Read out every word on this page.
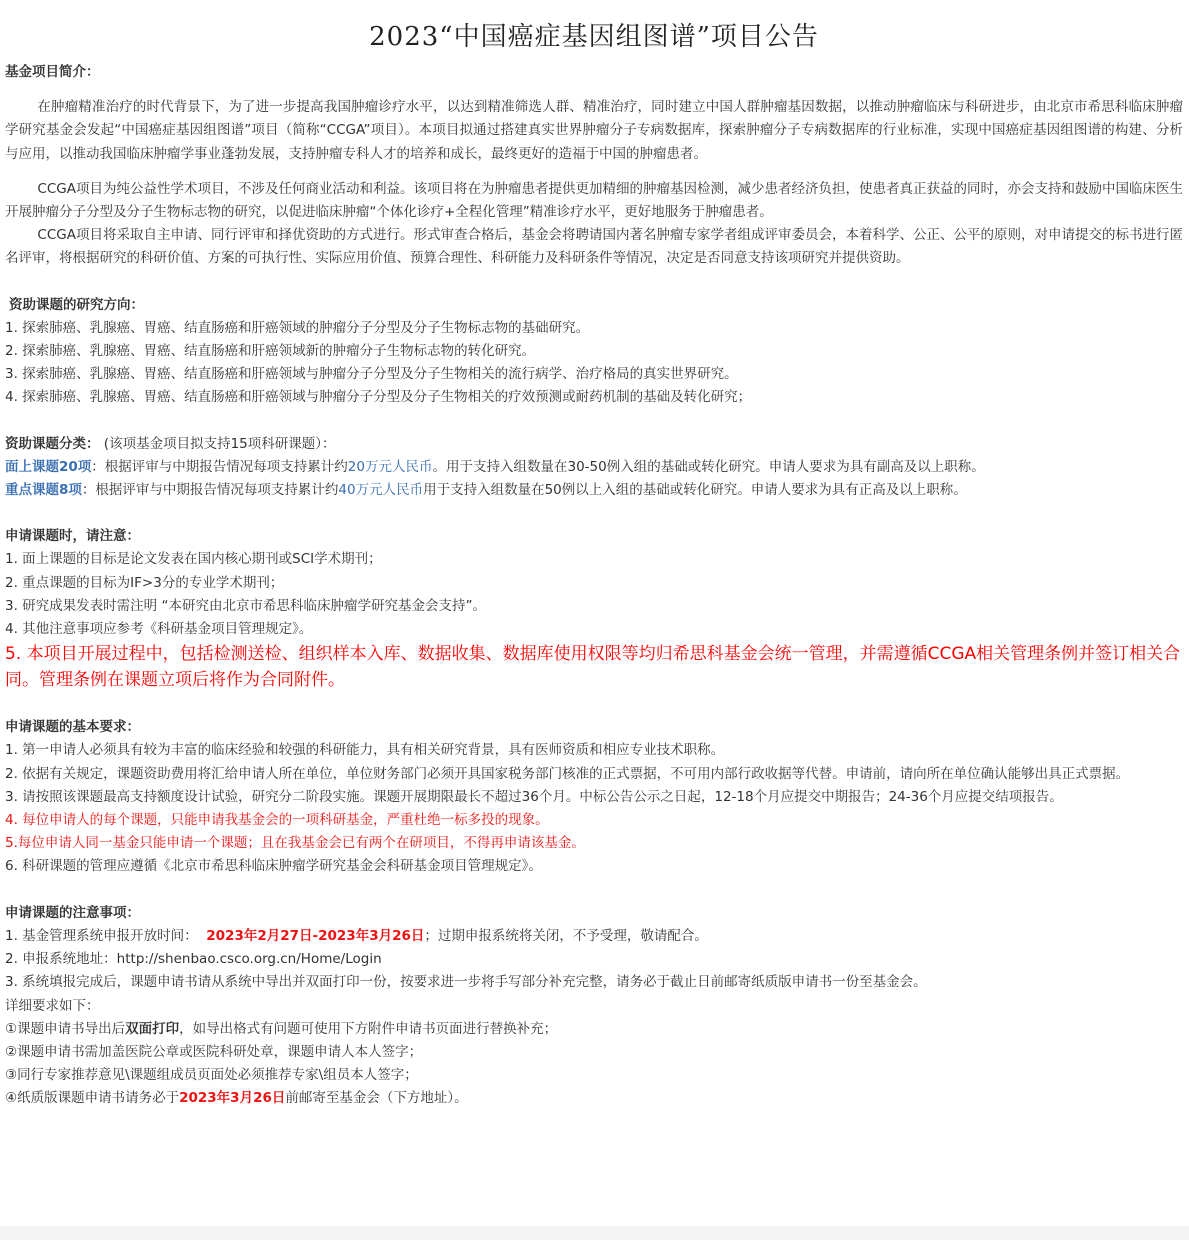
2023“中国癌症基因组图谱”项目公告

基金项目简介：

在肿瘤精准治疗的时代背景下，为了进一步提高我国肿瘤诊疗水平，以达到精准筛选人群、精准治疗，同时建立中国人群肿瘤基因数据，以推动肿瘤临床与科研进步，由北京市希思科临床肿瘤学研究基金会发起“中国癌症基因组图谱”项目（简称“CCGA”项目）。本项目拟通过搭建真实世界肿瘤分子专病数据库，探索肿瘤分子专病数据库的行业标准，实现中国癌症基因组图谱的构建、分析与应用，以推动我国临床肿瘤学事业蓬勃发展，支持肿瘤专科人才的培养和成长，最终更好的造福于中国的肿瘤患者。

CCGA项目为纯公益性学术项目，不涉及任何商业活动和利益。该项目将在为肿瘤患者提供更加精细的肿瘤基因检测，减少患者经济负担，使患者真正获益的同时，亦会支持和鼓励中国临床医生开展肿瘤分子分型及分子生物标志物的研究，以促进临床肿瘤“个体化诊疗+全程化管理”精准诊疗水平，更好地服务于肿瘤患者。

CCGA项目将采取自主申请、同行评审和择优资助的方式进行。形式审查合格后，基金会将聘请国内著名肿瘤专家学者组成评审委员会，本着科学、公正、公平的原则，对申请提交的标书进行匿名评审，将根据研究的科研价值、方案的可执行性、实际应用价值、预算合理性、科研能力及科研条件等情况，决定是否同意支持该项研究并提供资助。

资助课题的研究方向：

1. 探索肺癌、乳腺癌、胃癌、结直肠癌和肝癌领域的肿瘤分子分型及分子生物标志物的基础研究。

2. 探索肺癌、乳腺癌、胃癌、结直肠癌和肝癌领域新的肿瘤分子生物标志物的转化研究。

3. 探索肺癌、乳腺癌、胃癌、结直肠癌和肝癌领域与肿瘤分子分型及分子生物相关的流行病学、治疗格局的真实世界研究。

4. 探索肺癌、乳腺癌、胃癌、结直肠癌和肝癌领域与肿瘤分子分型及分子生物相关的疗效预测或耐药机制的基础及转化研究；

资助课题分类： (该项基金项目拟支持15项科研课题）：

面上课题20项：根据评审与中期报告情况每项支持累计约20万元人民币。用于支持入组数量在30-50例入组的基础或转化研究。申请人要求为具有副高及以上职称。

重点课题8项：根据评审与中期报告情况每项支持累计约40万元人民币用于支持入组数量在50例以上入组的基础或转化研究。申请人要求为具有正高及以上职称。

申请课题时，请注意：

1. 面上课题的目标是论文发表在国内核心期刊或SCI学术期刊；

2. 重点课题的目标为IF>3分的专业学术期刊；

3. 研究成果发表时需注明 “本研究由北京市希思科临床肿瘤学研究基金会支持”。

4. 其他注意事项应参考《科研基金项目管理规定》。

5. 本项目开展过程中，包括检测送检、组织样本入库、数据收集、数据库使用权限等均归希思科基金会统一管理，并需遵循CCGA相关管理条例并签订相关合同。管理条例在课题立项后将作为合同附件。

申请课题的基本要求：

1. 第一申请人必须具有较为丰富的临床经验和较强的科研能力，具有相关研究背景，具有医师资质和相应专业技术职称。

2. 依据有关规定，课题资助费用将汇给申请人所在单位，单位财务部门必须开具国家税务部门核准的正式票据，不可用内部行政收据等代替。申请前，请向所在单位确认能够出具正式票据。

3. 请按照该课题最高支持额度设计试验，研究分二阶段实施。课题开展期限最长不超过36个月。中标公告公示之日起，12-18个月应提交中期报告；24-36个月应提交结项报告。

4. 每位申请人的每个课题，只能申请我基金会的一项科研基金，严重杜绝一标多投的现象。

5.每位申请人同一基金只能申请一个课题；且在我基金会已有两个在研项目，不得再申请该基金。

6. 科研课题的管理应遵循《北京市希思科临床肿瘤学研究基金会科研基金项目管理规定》。

申请课题的注意事项：

1. 基金管理系统申报开放时间： 2023年2月27日-2023年3月26日；过期申报系统将关闭，不予受理，敬请配合。

2. 申报系统地址：http://shenbao.csco.org.cn/Home/Login

3. 系统填报完成后，课题申请书请从系统中导出并双面打印一份，按要求进一步将手写部分补充完整，请务必于截止日前邮寄纸质版申请书一份至基金会。

详细要求如下：

①课题申请书导出后双面打印，如导出格式有问题可使用下方附件申请书页面进行替换补充；

②课题申请书需加盖医院公章或医院科研处章，课题申请人本人签字；

③同行专家推荐意见\课题组成员页面处必须推荐专家\组员本人签字；

④纸质版课题申请书请务必于2023年3月26日前邮寄至基金会（下方地址）。
